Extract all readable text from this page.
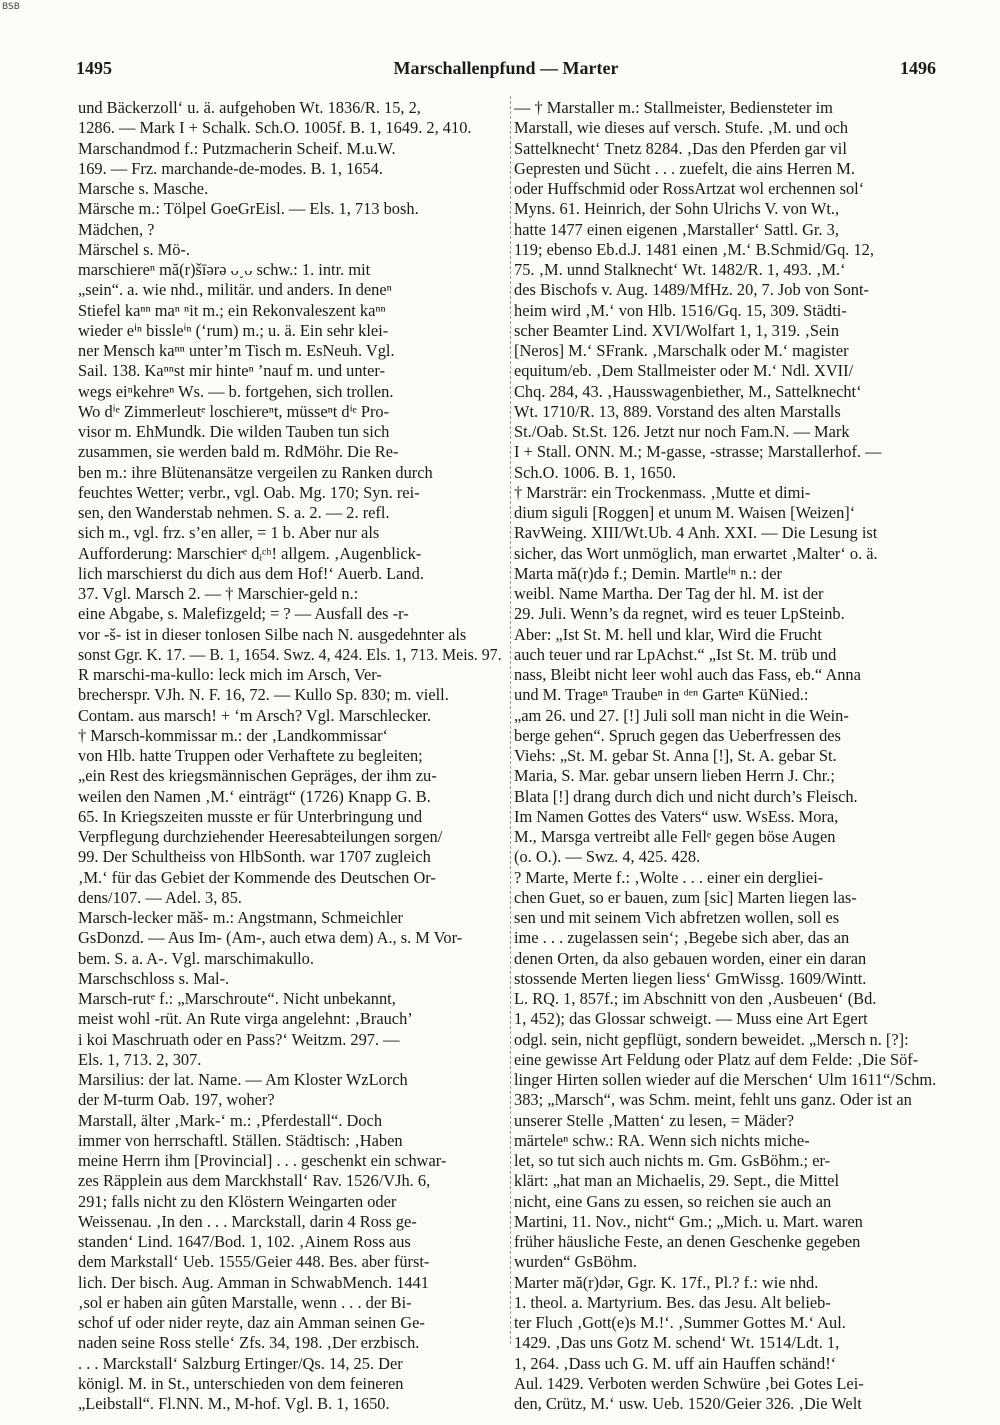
BSB
1495	Marschallenpfund — Marter	1496
und Bäckerzoll‘ u. ä. aufgehoben Wt. 1836/R. 15, 2,
1286. — Mark I + Schalk. Sch.O. 1005f. B. 1, 1649. 2, 410.
Marschandmod f.: Putzmacherin Scheif. M.u.W.
169. — Frz. marchande-de-modes. B. 1, 1654.
Marsche s. Masche.
Märsche m.: Tölpel GoeGrEisl. — Els. 1, 713 bosh.
Mädchen, ?
Märschel s. Mö-.
marschiereⁿ mă(r)šīərə ᴗ˯ᴗ schw.: 1. intr. mit
„sein“. a. wie nhd., militär. und anders. In deneⁿ
Stiefel kaⁿⁿ maⁿ ⁿit m.; ein Rekonvaleszent kaⁿⁿ
wieder eⁱⁿ bissleⁱⁿ (‘rum) m.; u. ä. Ein sehr klei-
ner Mensch kaⁿⁿ unter’m Tisch m. EsNeuh. Vgl.
Sail. 138. Kaⁿⁿst mir hinteⁿ ’nauf m. und unter-
wegs eiⁿkehreⁿ Ws. — b. fortgehen, sich trollen.
Wo dⁱᵉ Zimmerleutᵉ loschiereⁿt, müsseⁿt dⁱᵉ Pro-
visor m. EhMundk. Die wilden Tauben tun sich
zusammen, sie werden bald m. RdMöhr. Die Re-
ben m.: ihre Blütenansätze vergeilen zu Ranken durch
feuchtes Wetter; verbr., vgl. Oab. Mg. 170; Syn. rei-
sen, den Wanderstab nehmen. S. a. 2. — 2. refl.
sich m., vgl. frz. s’en aller, = 1 b. Aber nur als
Aufforderung: Marschierᵉ dᵢᶜʰ! allgem. ‚Augenblick-
lich marschierst du dich aus dem Hof!‘ Auerb. Land.
37. Vgl. Marsch 2. — † Marschier-geld n.:
eine Abgabe, s. Malefizgeld; = ? — Ausfall des -r-
vor -š- ist in dieser tonlosen Silbe nach N. ausgedehnter als
sonst Ggr. K. 17. — B. 1, 1654. Swz. 4, 424. Els. 1, 713. Meis. 97.
R marschi-ma-kullo: leck mich im Arsch, Ver-
brecherspr. VJh. N. F. 16, 72. — Kullo Sp. 830; m. viell.
Contam. aus marsch! + ‘m Arsch? Vgl. Marschlecker.
† Marsch-kommissar m.: der ‚Landkommissar‘
von Hlb. hatte Truppen oder Verhaftete zu begleiten;
„ein Rest des kriegsmännischen Gepräges, der ihm zu-
weilen den Namen ‚M.‘ einträgt“ (1726) Knapp G. B.
65. In Kriegszeiten musste er für Unterbringung und
Verpflegung durchziehender Heeresabteilungen sorgen/
99. Der Schultheiss von HlbSonth. war 1707 zugleich
‚M.‘ für das Gebiet der Kommende des Deutschen Or-
dens/107. — Adel. 3, 85.
Marsch-lecker măš- m.: Angstmann, Schmeichler
GsDonzd. — Aus Im- (Am-, auch etwa dem) A., s. M Vor-
bem. S. a. A-. Vgl. marschimakullo.
Marschschloss s. Mal-.
Marsch-rutᵉ f.: „Marschroute“. Nicht unbekannt,
meist wohl -rüt. An Rute virga angelehnt: ‚Brauch’
i koi Maschruath oder en Pass?‘ Weitzm. 297. —
Els. 1, 713. 2, 307.
Marsilius: der lat. Name. — Am Kloster WzLorch
der M-turm Oab. 197, woher?
Marstall, älter ‚Mark-‘ m.: ‚Pferdestall“. Doch
immer von herrschaftl. Ställen. Städtisch: ‚Haben
meine Herrn ihm [Provincial] . . . geschenkt ein schwar-
zes Räpplein aus dem Marckhstall‘ Rav. 1526/VJh. 6,
291; falls nicht zu den Klöstern Weingarten oder
Weissenau. ‚In den . . . Marckstall, darin 4 Ross ge-
standen‘ Lind. 1647/Bod. 1, 102. ‚Ainem Ross aus
dem Markstall‘ Ueb. 1555/Geier 448. Bes. aber fürst-
lich. Der bisch. Aug. Amman in SchwabMench. 1441
‚sol er haben ain gûten Marstalle, wenn . . . der Bi-
schof uf oder nider reyte, daz ain Amman seinen Ge-
naden seine Ross stelle‘ Zfs. 34, 198. ‚Der erzbisch.
. . . Marckstall‘ Salzburg Ertinger/Qs. 14, 25. Der
königl. M. in St., unterschieden von dem feineren
„Leibstall“. Fl.NN. M., M-hof. Vgl. B. 1, 1650.
— † Marstaller m.: Stallmeister, Bediensteter im
Marstall, wie dieses auf versch. Stufe. ‚M. und och
Sattelknecht‘ Tnetz 8284. ‚Das den Pferden gar vil
Gepresten und Sücht . . . zuefelt, die ains Herren M.
oder Huffschmid oder RossArtzat wol erchennen sol‘
Myns. 61. Heinrich, der Sohn Ulrichs V. von Wt.,
hatte 1477 einen eigenen ‚Marstaller‘ Sattl. Gr. 3,
119; ebenso Eb.d.J. 1481 einen ‚M.‘ B.Schmid/Gq. 12,
75. ‚M. unnd Stalknecht‘ Wt. 1482/R. 1, 493. ‚M.‘
des Bischofs v. Aug. 1489/MfHz. 20, 7. Job von Sont-
heim wird ‚M.‘ von Hlb. 1516/Gq. 15, 309. Städti-
scher Beamter Lind. XVI/Wolfart 1, 1, 319. ‚Sein
[Neros] M.‘ SFrank. ‚Marschalk oder M.‘ magister
equitum/eb. ‚Dem Stallmeister oder M.‘ Ndl. XVII/
Chq. 284, 43. ‚Hausswagenbiether, M., Sattelknecht‘
Wt. 1710/R. 13, 889. Vorstand des alten Marstalls
St./Oab. St.St. 126. Jetzt nur noch Fam.N. — Mark
I + Stall. ONN. M.; M-gasse, -strasse; Marstallerhof. —
Sch.O. 1006. B. 1, 1650.
† Marsträr: ein Trockenmass. ‚Mutte et dimi-
dium siguli [Roggen] et unum M. Waisen [Weizen]‘
RavWeing. XIII/Wt.Ub. 4 Anh. XXI. — Die Lesung ist
sicher, das Wort unmöglich, man erwartet ‚Malter‘ o. ä.
Marta mă(r)də f.; Demin. Martleⁱⁿ n.: der
weibl. Name Martha. Der Tag der hl. M. ist der
29. Juli. Wenn’s da regnet, wird es teuer LpSteinb.
Aber: „Ist St. M. hell und klar, Wird die Frucht
auch teuer und rar LpAchst.“ „Ist St. M. trüb und
nass, Bleibt nicht leer wohl auch das Fass, eb.“ Anna
und M. Trageⁿ Traubeⁿ in ᵈᵉⁿ Garteⁿ KüNied.:
„am 26. und 27. [!] Juli soll man nicht in die Wein-
berge gehen“. Spruch gegen das Ueberfressen des
Viehs: „St. M. gebar St. Anna [!], St. A. gebar St.
Maria, S. Mar. gebar unsern lieben Herrn J. Chr.;
Blata [!] drang durch dich und nicht durch’s Fleisch.
Im Namen Gottes des Vaters“ usw. WsEss. Mora,
M., Marsga vertreibt alle Fellᵉ gegen böse Augen
(o. O.). — Swz. 4, 425. 428.
? Marte, Merte f.: ‚Wolte . . . einer ein dergliei-
chen Guet, so er bauen, zum [sic] Marten liegen las-
sen und mit seinem Vich abfretzen wollen, soll es
ime . . . zugelassen sein‘; ‚Begebe sich aber, das an
denen Orten, da also gebauen worden, einer ein daran
stossende Merten liegen liess‘ GmWissg. 1609/Wintt.
L. RQ. 1, 857f.; im Abschnitt von den ‚Ausbeuen‘ (Bd.
1, 452); das Glossar schweigt. — Muss eine Art Egert
odgl. sein, nicht gepflügt, sondern beweidet. „Mersch n. [?]:
eine gewisse Art Feldung oder Platz auf dem Felde: ‚Die Söf-
linger Hirten sollen wieder auf die Merschen‘ Ulm 1611“/Schm.
383; „Marsch“, was Schm. meint, fehlt uns ganz. Oder ist an
unserer Stelle ‚Matten‘ zu lesen, = Mäder?
märteleⁿ schw.: RA. Wenn sich nichts miche-
let, so tut sich auch nichts m. Gm. GsBöhm.; er-
klärt: „hat man an Michaelis, 29. Sept., die Mittel
nicht, eine Gans zu essen, so reichen sie auch an
Martini, 11. Nov., nicht“ Gm.; „Mich. u. Mart. waren
früher häusliche Feste, an denen Geschenke gegeben
wurden“ GsBöhm.
Marter mă(r)dər, Ggr. K. 17f., Pl.? f.: wie nhd.
1. theol. a. Martyrium. Bes. das Jesu. Alt belieb-
ter Fluch ‚Gott(e)s M.!‘. ‚Summer Gottes M.‘ Aul.
1429. ‚Das uns Gotz M. schend‘ Wt. 1514/Ldt. 1,
1, 264. ‚Dass uch G. M. uff ain Hauffen schänd!‘
Aul. 1429. Verboten werden Schwüre ‚bei Gotes Lei-
den, Crütz, M.‘ usw. Ueb. 1520/Geier 326. ‚Die Welt
